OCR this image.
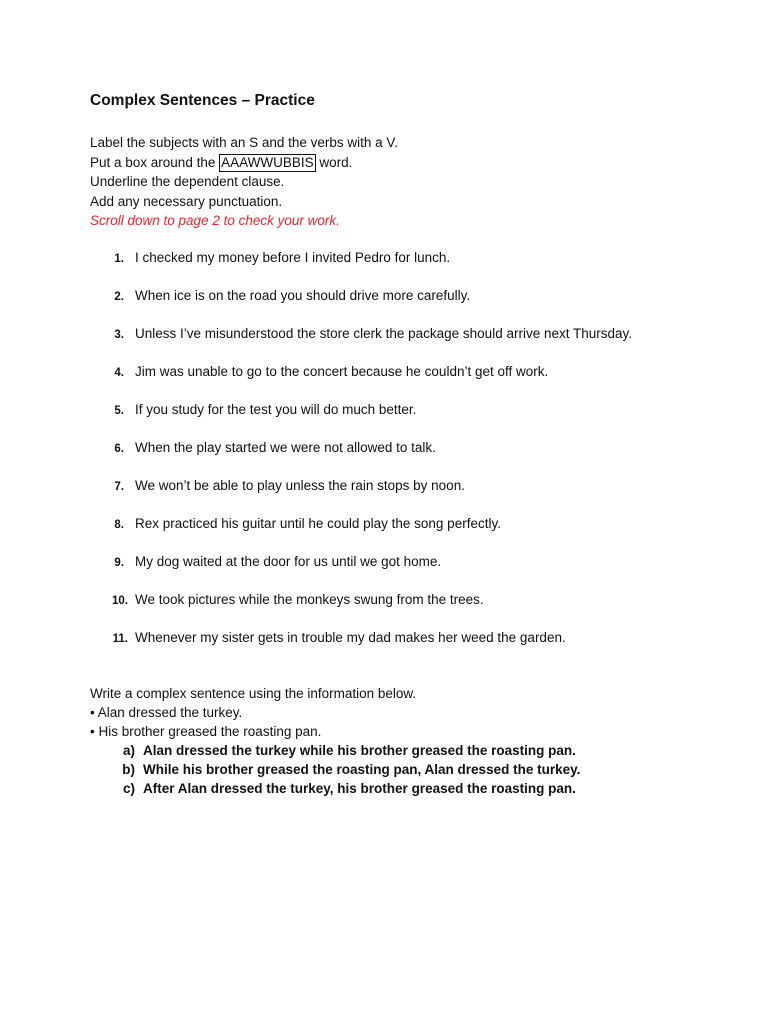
Complex Sentences – Practice
Label the subjects with an S and the verbs with a V.
Put a box around the AAAWWUBBIS word.
Underline the dependent clause.
Add any necessary punctuation.
Scroll down to page 2 to check your work.
1. I checked my money before I invited Pedro for lunch.
2. When ice is on the road you should drive more carefully.
3. Unless I’ve misunderstood the store clerk the package should arrive next Thursday.
4. Jim was unable to go to the concert because he couldn’t get off work.
5. If you study for the test you will do much better.
6. When the play started we were not allowed to talk.
7. We won’t be able to play unless the rain stops by noon.
8. Rex practiced his guitar until he could play the song perfectly.
9. My dog waited at the door for us until we got home.
10. We took pictures while the monkeys swung from the trees.
11. Whenever my sister gets in trouble my dad makes her weed the garden.
Write a complex sentence using the information below.
• Alan dressed the turkey.
• His brother greased the roasting pan.
a) Alan dressed the turkey while his brother greased the roasting pan.
b) While his brother greased the roasting pan, Alan dressed the turkey.
c) After Alan dressed the turkey, his brother greased the roasting pan.
